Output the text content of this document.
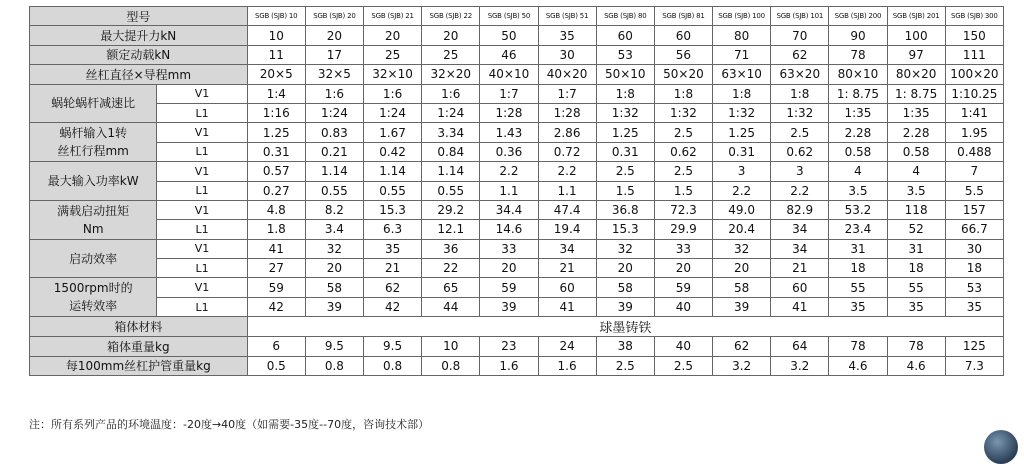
型号		SGB (SJB) 10	SGB (SJB) 20	SGB (SJB) 21	SGB (SJB) 22	SGB (SJB) 50	SGB (SJB) 51	SGB (SJB) 80	SGB (SJB) 81	SGB (SJB) 100	SGB (SJB) 101	SGB (SJB) 200	SGB (SJB) 201	SGB (SJB) 300
最大提升力kN		10	20	20	20	50	35	60	60	80	70	90	100	150
额定动载kN		11	17	25	25	46	30	53	56	71	62	78	97	111
丝杠直径×导程mm		20×5	32×5	32×10	32×20	40×10	40×20	50×10	50×20	63×10	63×20	80×10	80×20	100×20
蜗轮蜗杆减速比	V1	1:4	1:6	1:6	1:6	1:7	1:7	1:8	1:8	1:8	1:8	1: 8.75	1: 8.75	1:10.25
	L1	1:16	1:24	1:24	1:24	1:28	1:28	1:32	1:32	1:32	1:32	1:35	1:35	1:41
蜗杆输入1转
丝杠行程mm	V1	1.25	0.83	1.67	3.34	1.43	2.86	1.25	2.5	1.25	2.5	2.28	2.28	1.95
	L1	0.31	0.21	0.42	0.84	0.36	0.72	0.31	0.62	0.31	0.62	0.58	0.58	0.488
最大输入功率kW	V1	0.57	1.14	1.14	1.14	2.2	2.2	2.5	2.5	3	3	4	4	7
	L1	0.27	0.55	0.55	0.55	1.1	1.1	1.5	1.5	2.2	2.2	3.5	3.5	5.5
满载启动扭矩
Nm	V1	4.8	8.2	15.3	29.2	34.4	47.4	36.8	72.3	49.0	82.9	53.2	118	157
	L1	1.8	3.4	6.3	12.1	14.6	19.4	15.3	29.9	20.4	34	23.4	52	66.7
启动效率	V1	41	32	35	36	33	34	32	33	32	34	31	31	30
	L1	27	20	21	22	20	21	20	20	20	21	18	18	18
1500rpm时的
运转效率	V1	59	58	62	65	59	60	58	59	58	60	55	55	53
	L1	42	39	42	44	39	41	39	40	39	41	35	35	35
箱体材料		球墨铸铁												
箱体重量kg		6	9.5	9.5	10	23	24	38	40	62	64	78	78	125
每100mm丝杠护管重量kg		0.5	0.8	0.8	0.8	1.6	1.6	2.5	2.5	3.2	3.2	4.6	4.6	7.3
注：所有系列产品的环境温度：-20度→40度（如需要-35度--70度，咨询技术部）
